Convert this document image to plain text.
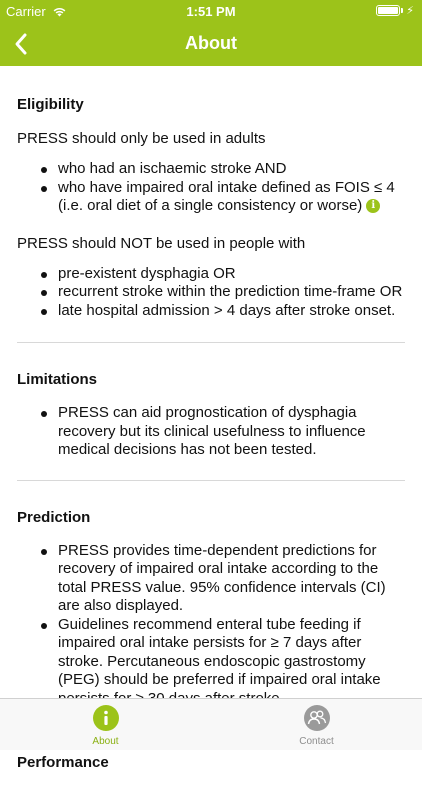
Carrier	1:51 PM	⚡
About
Eligibility

PRESS should only be used in adults

who had an ischaemic stroke AND
who have impaired oral intake defined as FOIS ≤ 4 (i.e. oral diet of a single consistency or worse) i

PRESS should NOT be used in people with

pre-existent dysphagia OR
recurrent stroke within the prediction time-frame OR
late hospital admission > 4 days after stroke onset.
Limitations
PRESS can aid prognostication of dysphagia recovery but its clinical usefulness to influence medical decisions has not been tested.
Prediction
PRESS provides time-dependent predictions for recovery of impaired oral intake according to the total PRESS value. 95% confidence intervals (CI) are also displayed.
Guidelines recommend enteral tube feeding if impaired oral intake persists for ≥ 7 days after stroke. Percutaneous endoscopic gastrostomy (PEG) should be preferred if impaired oral intake
Performance
About	Contact
